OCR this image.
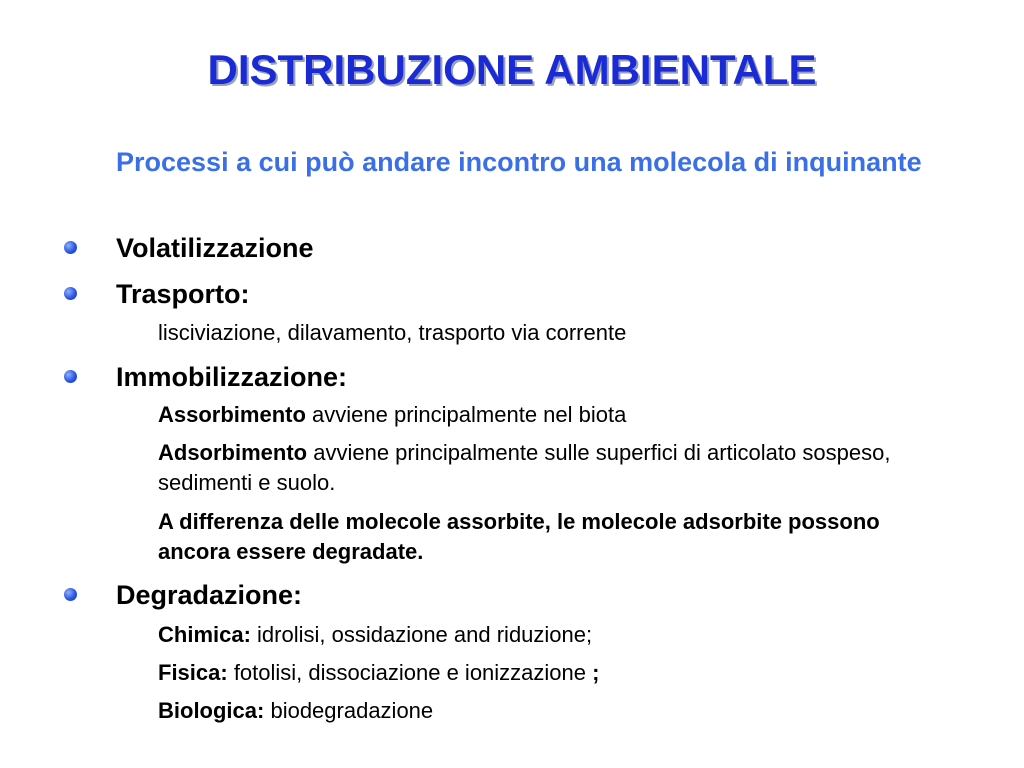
DISTRIBUZIONE AMBIENTALE
Processi a cui può andare incontro una molecola di inquinante
Volatilizzazione
Trasporto:
lisciviazione, dilavamento, trasporto via corrente
Immobilizzazione:
Assorbimento avviene principalmente nel biota
Adsorbimento avviene principalmente sulle superfici di articolato sospeso, sedimenti e suolo.
A differenza delle molecole assorbite, le molecole adsorbite possono ancora essere degradate.
Degradazione:
Chimica: idrolisi, ossidazione and riduzione;
Fisica: fotolisi, dissociazione e ionizzazione ;
Biologica: biodegradazione
